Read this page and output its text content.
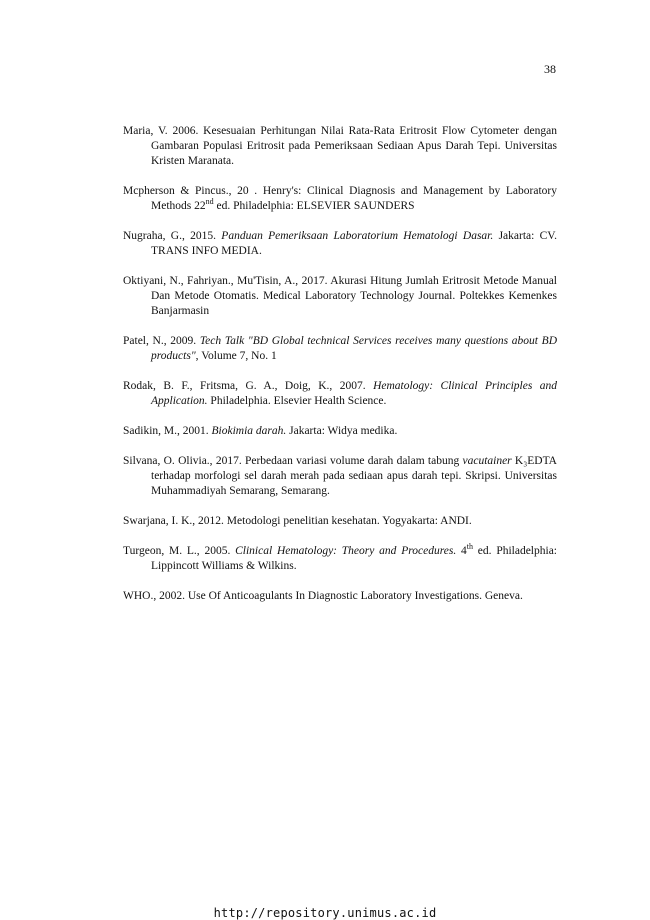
38

Maria, V. 2006. Kesesuaian Perhitungan Nilai Rata-Rata Eritrosit Flow Cytometer dengan Gambaran Populasi Eritrosit pada Pemeriksaan Sediaan Apus Darah Tepi. Universitas Kristen Maranata.

Mcpherson & Pincus., 20 . Henry's: Clinical Diagnosis and Management by Laboratory Methods 22nd ed. Philadelphia: ELSEVIER SAUNDERS

Nugraha, G., 2015. Panduan Pemeriksaan Laboratorium Hematologi Dasar. Jakarta: CV. TRANS INFO MEDIA.

Oktiyani, N., Fahriyan., Mu'Tisin, A., 2017. Akurasi Hitung Jumlah Eritrosit Metode Manual Dan Metode Otomatis. Medical Laboratory Technology Journal. Poltekkes Kemenkes Banjarmasin

Patel, N., 2009. Tech Talk "BD Global technical Services receives many questions about BD products", Volume 7, No. 1

Rodak, B. F., Fritsma, G. A., Doig, K., 2007. Hematology: Clinical Principles and Application. Philadelphia. Elsevier Health Science.

Sadikin, M., 2001. Biokimia darah. Jakarta: Widya medika.

Silvana, O. Olivia., 2017. Perbedaan variasi volume darah dalam tabung vacutainer K₃EDTA terhadap morfologi sel darah merah pada sediaan apus darah tepi. Skripsi. Universitas Muhammadiyah Semarang, Semarang.

Swarjana, I. K., 2012. Metodologi penelitian kesehatan. Yogyakarta: ANDI.

Turgeon, M. L., 2005. Clinical Hematology: Theory and Procedures. 4th ed. Philadelphia: Lippincott Williams & Wilkins.

WHO., 2002. Use Of Anticoagulants In Diagnostic Laboratory Investigations. Geneva.

http://repository.unimus.ac.id
